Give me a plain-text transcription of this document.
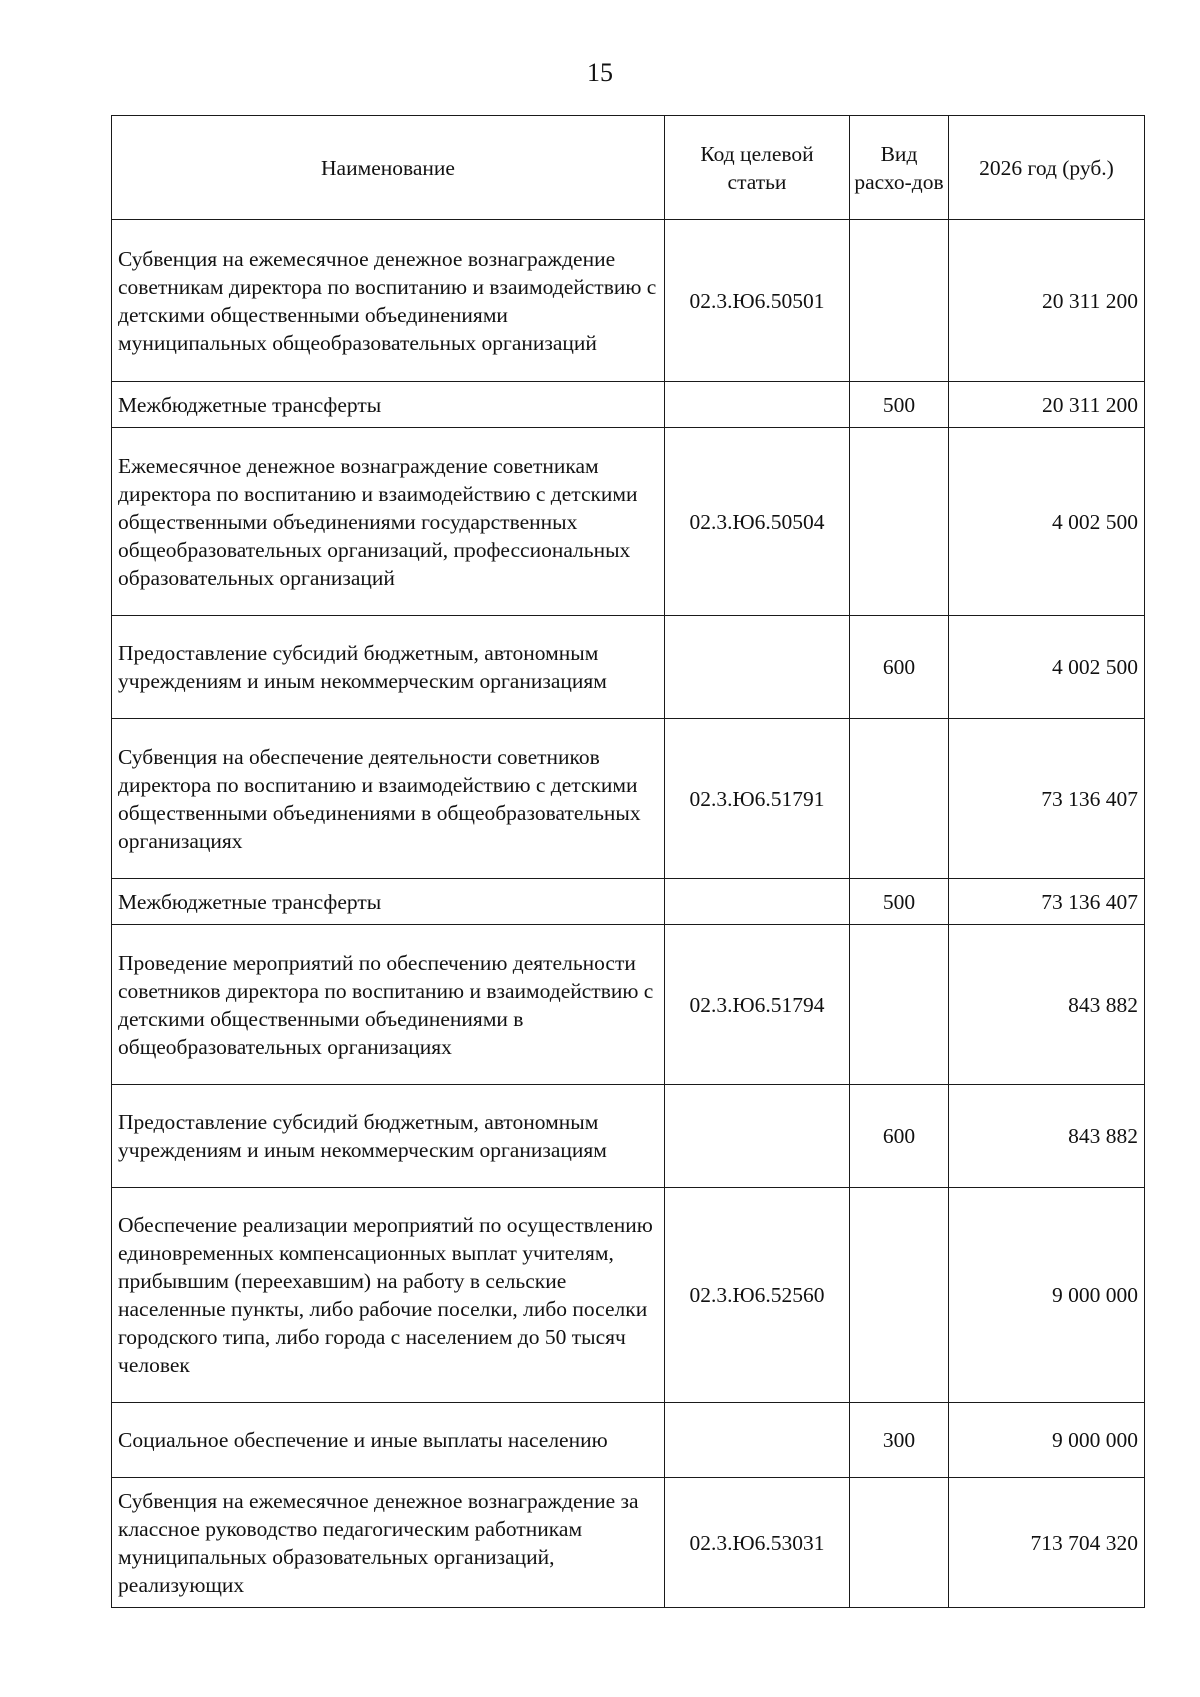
15
Наименование	Код целевой статьи	Вид расхо-дов	2026 год (руб.)
Субвенция на ежемесячное денежное вознаграждение советникам директора по воспитанию и взаимодействию с детскими общественными объединениями муниципальных общеобразовательных организаций	02.3.Ю6.50501		20 311 200
Межбюджетные трансферты		500	20 311 200
Ежемесячное денежное вознаграждение советникам директора по воспитанию и взаимодействию с детскими общественными объединениями государственных общеобразовательных организаций, профессиональных образовательных организаций	02.3.Ю6.50504		4 002 500
Предоставление субсидий бюджетным, автономным учреждениям и иным некоммерческим организациям		600	4 002 500
Субвенция на обеспечение деятельности советников директора по воспитанию и взаимодействию с детскими общественными объединениями в общеобразовательных организациях	02.3.Ю6.51791		73 136 407
Межбюджетные трансферты		500	73 136 407
Проведение мероприятий по обеспечению деятельности советников директора по воспитанию и взаимодействию с детскими общественными объединениями в общеобразовательных организациях	02.3.Ю6.51794		843 882
Предоставление субсидий бюджетным, автономным учреждениям и иным некоммерческим организациям		600	843 882
Обеспечение реализации мероприятий по осуществлению единовременных компенсационных выплат учителям, прибывшим (переехавшим) на работу в сельские населенные пункты, либо рабочие поселки, либо поселки городского типа, либо города с населением до 50 тысяч человек	02.3.Ю6.52560		9 000 000
Социальное обеспечение и иные выплаты населению		300	9 000 000
Субвенция на ежемесячное денежное вознаграждение за классное руководство педагогическим работникам муниципальных образовательных организаций, реализующих	02.3.Ю6.53031		713 704 320
